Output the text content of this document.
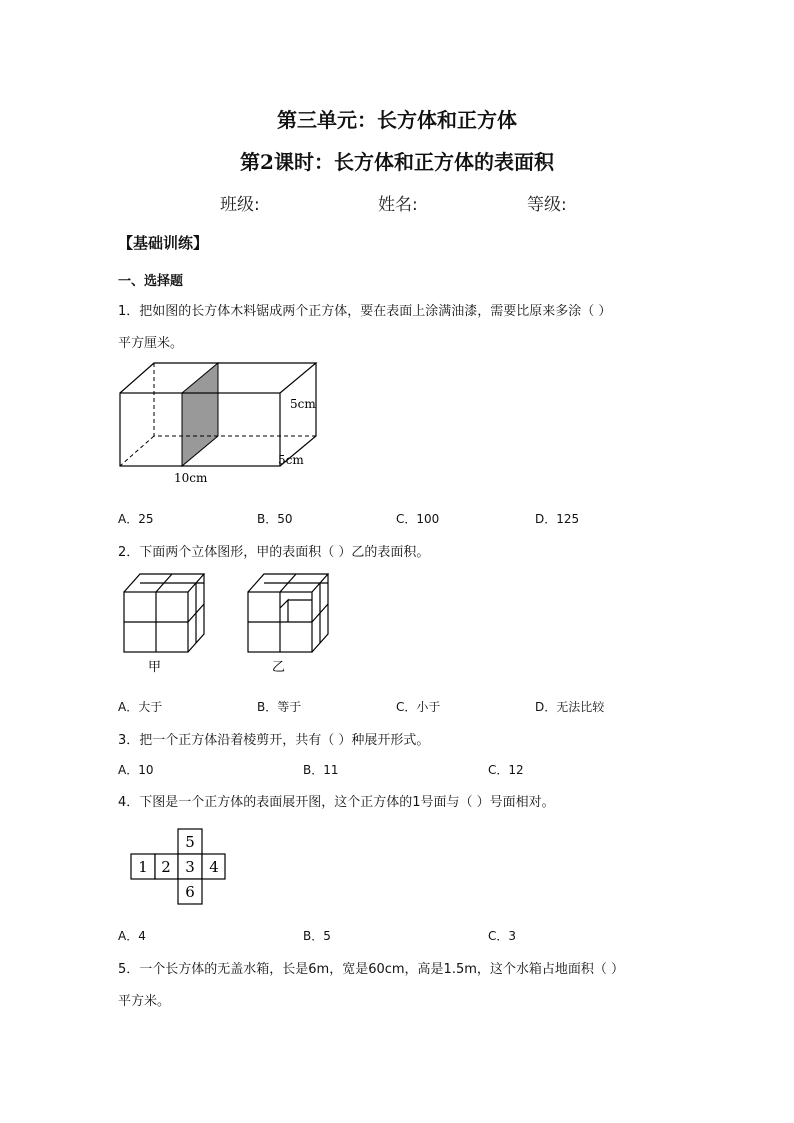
第三单元：长方体和正方体
第2课时：长方体和正方体的表面积
班级:	姓名:	等级:
【基础训练】
一、选择题
1．把如图的长方体木料锯成两个正方体，要在表面上涂满油漆，需要比原来多涂（ ）
平方厘米。
5cm
5cm
10cm
A．25	B．50	C．100	D．125
2．下面两个立体图形，甲的表面积（ ）乙的表面积。
甲	乙
A．大于	B．等于	C．小于	D．无法比较
3．把一个正方体沿着棱剪开，共有（ ）种展开形式。
A．10	B．11	C．12
4．下图是一个正方体的表面展开图，这个正方体的1号面与（ ）号面相对。
1 2 3 4
5
6
A．4	B．5	C．3
5．一个长方体的无盖水箱，长是6m，宽是60cm，高是1.5m，这个水箱占地面积（ ）
平方米。
